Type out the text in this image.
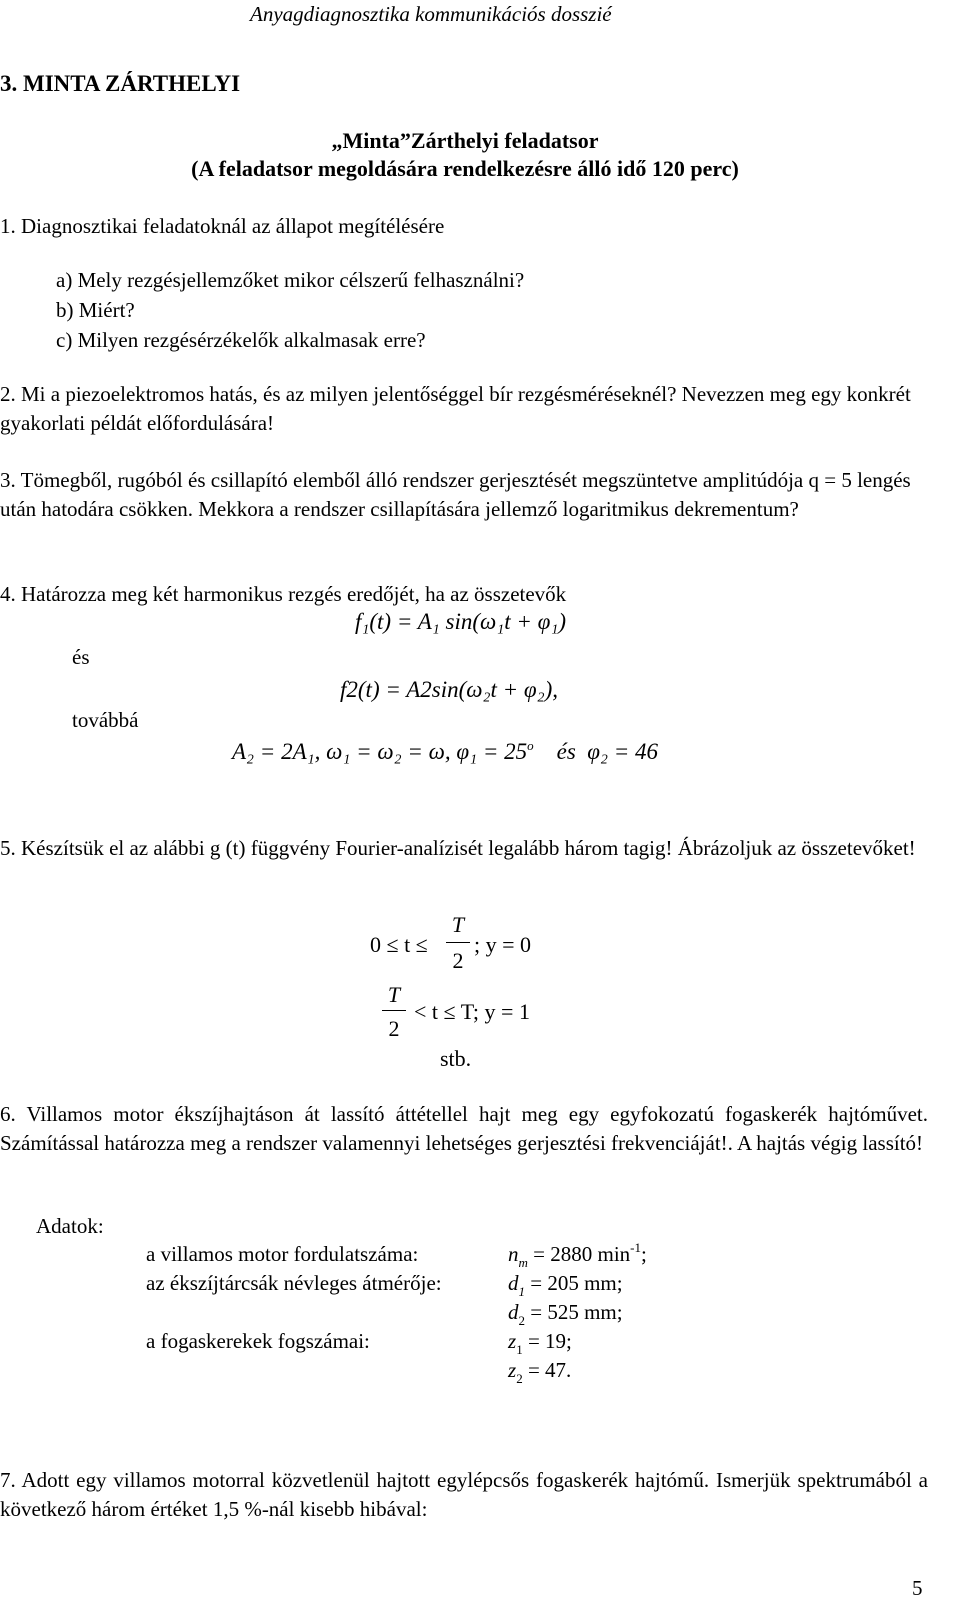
Anyagdiagnosztika kommunikációs dosszié
3. MINTA ZÁRTHELYI
„Minta”Zárthelyi feladatsor
(A feladatsor megoldására rendelkezésre álló idő 120 perc)
1. Diagnosztikai feladatoknál az állapot megítélésére
a) Mely rezgésjellemzőket mikor célszerű felhasználni?
b) Miért?
c) Milyen rezgésérzékelők alkalmasak erre?
2. Mi a piezoelektromos hatás, és az milyen jelentőséggel bír rezgésméréseknél? Nevezzen meg egy konkrét gyakorlati példát előfordulására!
3. Tömegből, rugóból és csillapító elemből álló rendszer gerjesztését megszüntetve amplitúdója q = 5 lengés után hatodára csökken. Mekkora a rendszer csillapítására jellemző logaritmikus dekrementum?
4. Határozza meg két harmonikus rezgés eredőjét, ha az összetevők
f₁(t) = A₁ sin(ω₁t + φ₁)
és
f2(t) = A2sin(ω₂t + φ₂),
továbbá
A₂ = 2A₁, ω₁ = ω₂ = ω, $\varphi_1 = 25^o$ és φ₂ = 46
5. Készítsük el az alábbi g (t) függvény Fourier-analízisét legalább három tagig! Ábrázoljuk az összetevőket!
0 ≤ t ≤
T
2
; y = 0
T
2
< t ≤ T; y = 1
stb.
6. Villamos motor ékszíjhajtáson át lassító áttétellel hajt meg egy egyfokozatú fogaskerék hajtóművet. Számítással határozza meg a rendszer valamennyi lehetséges gerjesztési frekvenciáját!. A hajtás végig lassító!
Adatok:
a villamos motor fordulatszáma:	$n_m = 2880$ $\min^{-1}$;
az ékszíjtárcsák névleges átmérője:	$d_1 = 205$ mm;
$d_2 = 525$ mm;
a fogaskerekek fogszámai:	$z_1 = 19$;
$z_2 = 47$.
7. Adott egy villamos motorral közvetlenül hajtott egylépcsős fogaskerék hajtómű. Ismerjük spektrumából a következő három értéket 1,5 %-nál kisebb hibával:
5
